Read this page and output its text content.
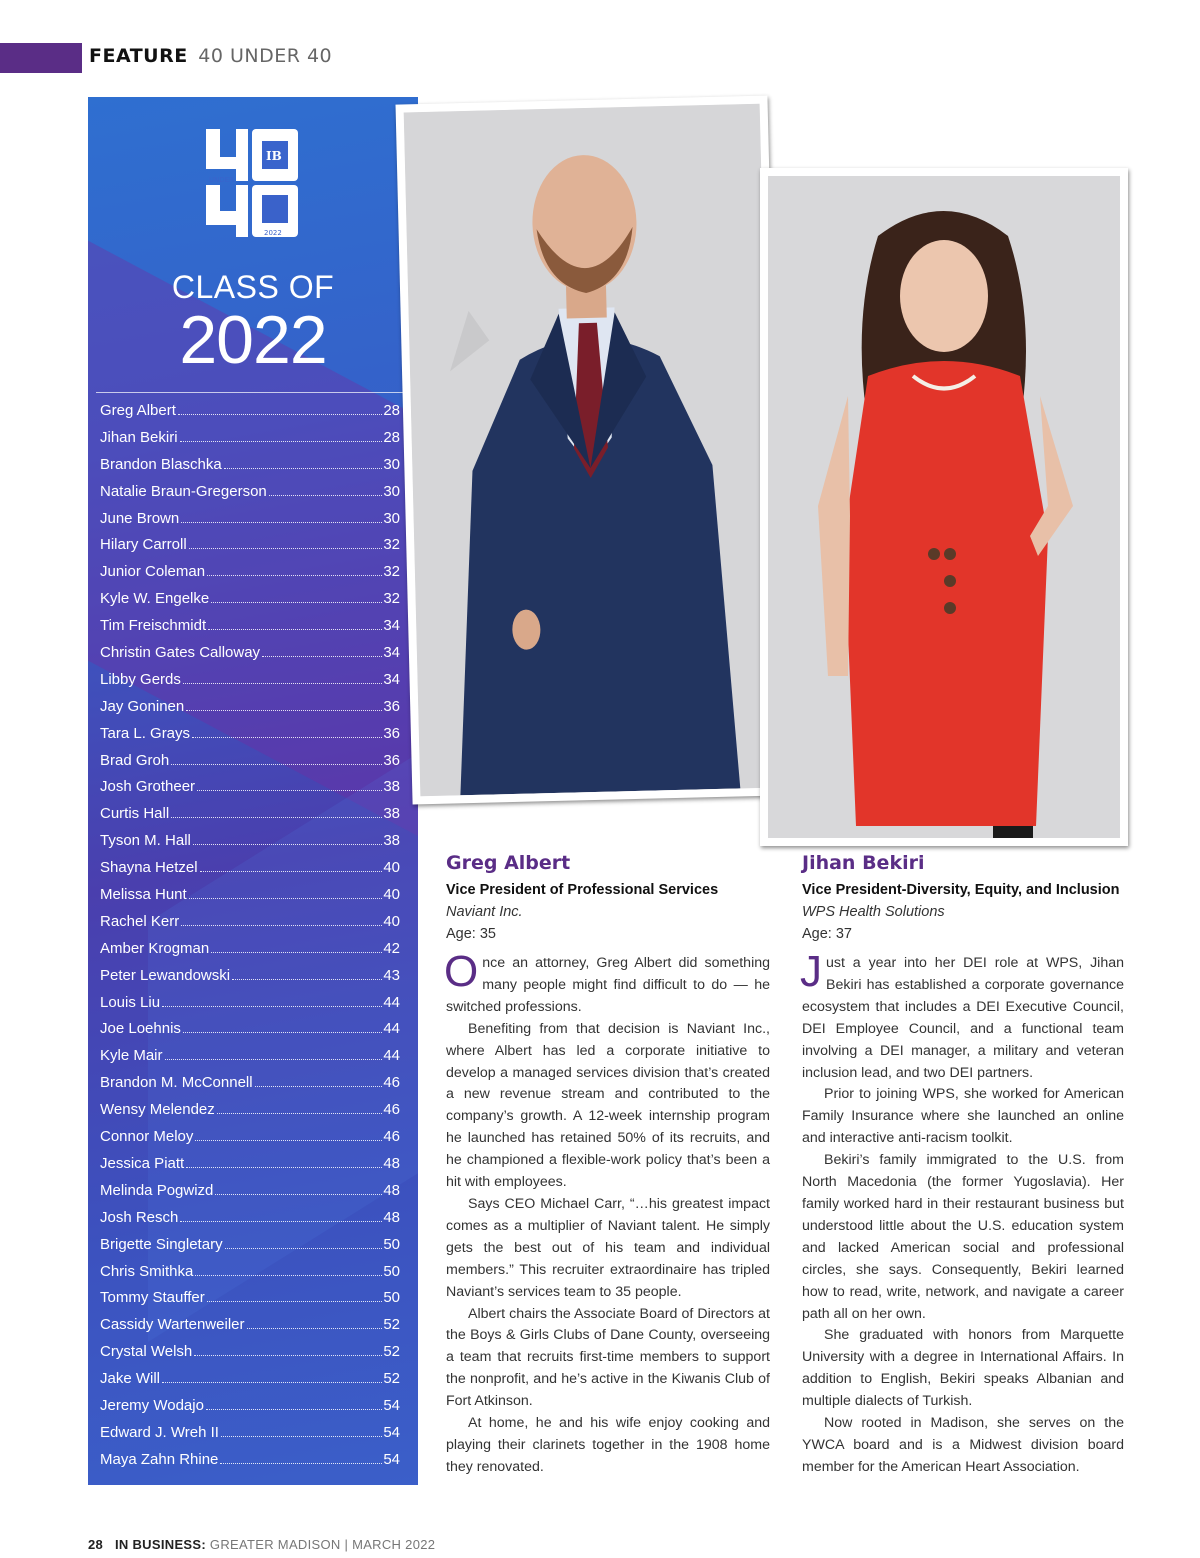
FEATURE 40 UNDER 40
UNDER
IB
2022
CLASS OF
2022
Greg Albert	28
Jihan Bekiri	28
Brandon Blaschka	30
Natalie Braun-Gregerson	30
June Brown	30
Hilary Carroll	32
Junior Coleman	32
Kyle W. Engelke	32
Tim Freischmidt	34
Christin Gates Calloway	34
Libby Gerds	34
Jay Goninen	36
Tara L. Grays	36
Brad Groh	36
Josh Grotheer	38
Curtis Hall	38
Tyson M. Hall	38
Shayna Hetzel	40
Melissa Hunt	40
Rachel Kerr	40
Amber Krogman	42
Peter Lewandowski	43
Louis Liu	44
Joe Loehnis	44
Kyle Mair	44
Brandon M. McConnell	46
Wensy Melendez	46
Connor Meloy	46
Jessica Piatt	48
Melinda Pogwizd	48
Josh Resch	48
Brigette Singletary	50
Chris Smithka	50
Tommy Stauffer	50
Cassidy Wartenweiler	52
Crystal Welsh	52
Jake Will	52
Jeremy Wodajo	54
Edward J. Wreh II	54
Maya Zahn Rhine	54
Greg Albert
Vice President of Professional Services
Naviant Inc.
Age: 35

Once an attorney, Greg Albert did something many people might find difficult to do — he switched professions.

Benefiting from that decision is Naviant Inc., where Albert has led a corporate initiative to develop a managed services division that’s created a new revenue stream and contributed to the company’s growth. A 12-week internship program he launched has retained 50% of its recruits, and he championed a flexible-work policy that’s been a hit with employees.

Says CEO Michael Carr, “…his greatest impact comes as a multiplier of Naviant talent. He simply gets the best out of his team and individual members.” This recruiter extraordinaire has tripled Naviant’s services team to 35 people.

Albert chairs the Associate Board of Directors at the Boys & Girls Clubs of Dane County, overseeing a team that recruits first-time members to support the nonprofit, and he’s active in the Kiwanis Club of Fort Atkinson.

At home, he and his wife enjoy cooking and playing their clarinets together in the 1908 home they renovated.

Jihan Bekiri
Vice President-Diversity, Equity, and Inclusion
WPS Health Solutions
Age: 37

Just a year into her DEI role at WPS, Jihan Bekiri has established a corporate governance ecosystem that includes a DEI Executive Council, DEI Employee Council, and a functional team involving a DEI manager, a military and veteran inclusion lead, and two DEI partners.

Prior to joining WPS, she worked for American Family Insurance where she launched an online and interactive anti-racism toolkit.

Bekiri’s family immigrated to the U.S. from North Macedonia (the former Yugoslavia). Her family worked hard in their restaurant business but understood little about the U.S. education system and lacked American social and professional circles, she says. Consequently, Bekiri learned how to read, write, network, and navigate a career path all on her own.

She graduated with honors from Marquette University with a degree in International Affairs. In addition to English, Bekiri speaks Albanian and multiple dialects of Turkish.

Now rooted in Madison, she serves on the YWCA board and is a Midwest division board member for the American Heart Association.

28 IN BUSINESS: GREATER MADISON | MARCH 2022
